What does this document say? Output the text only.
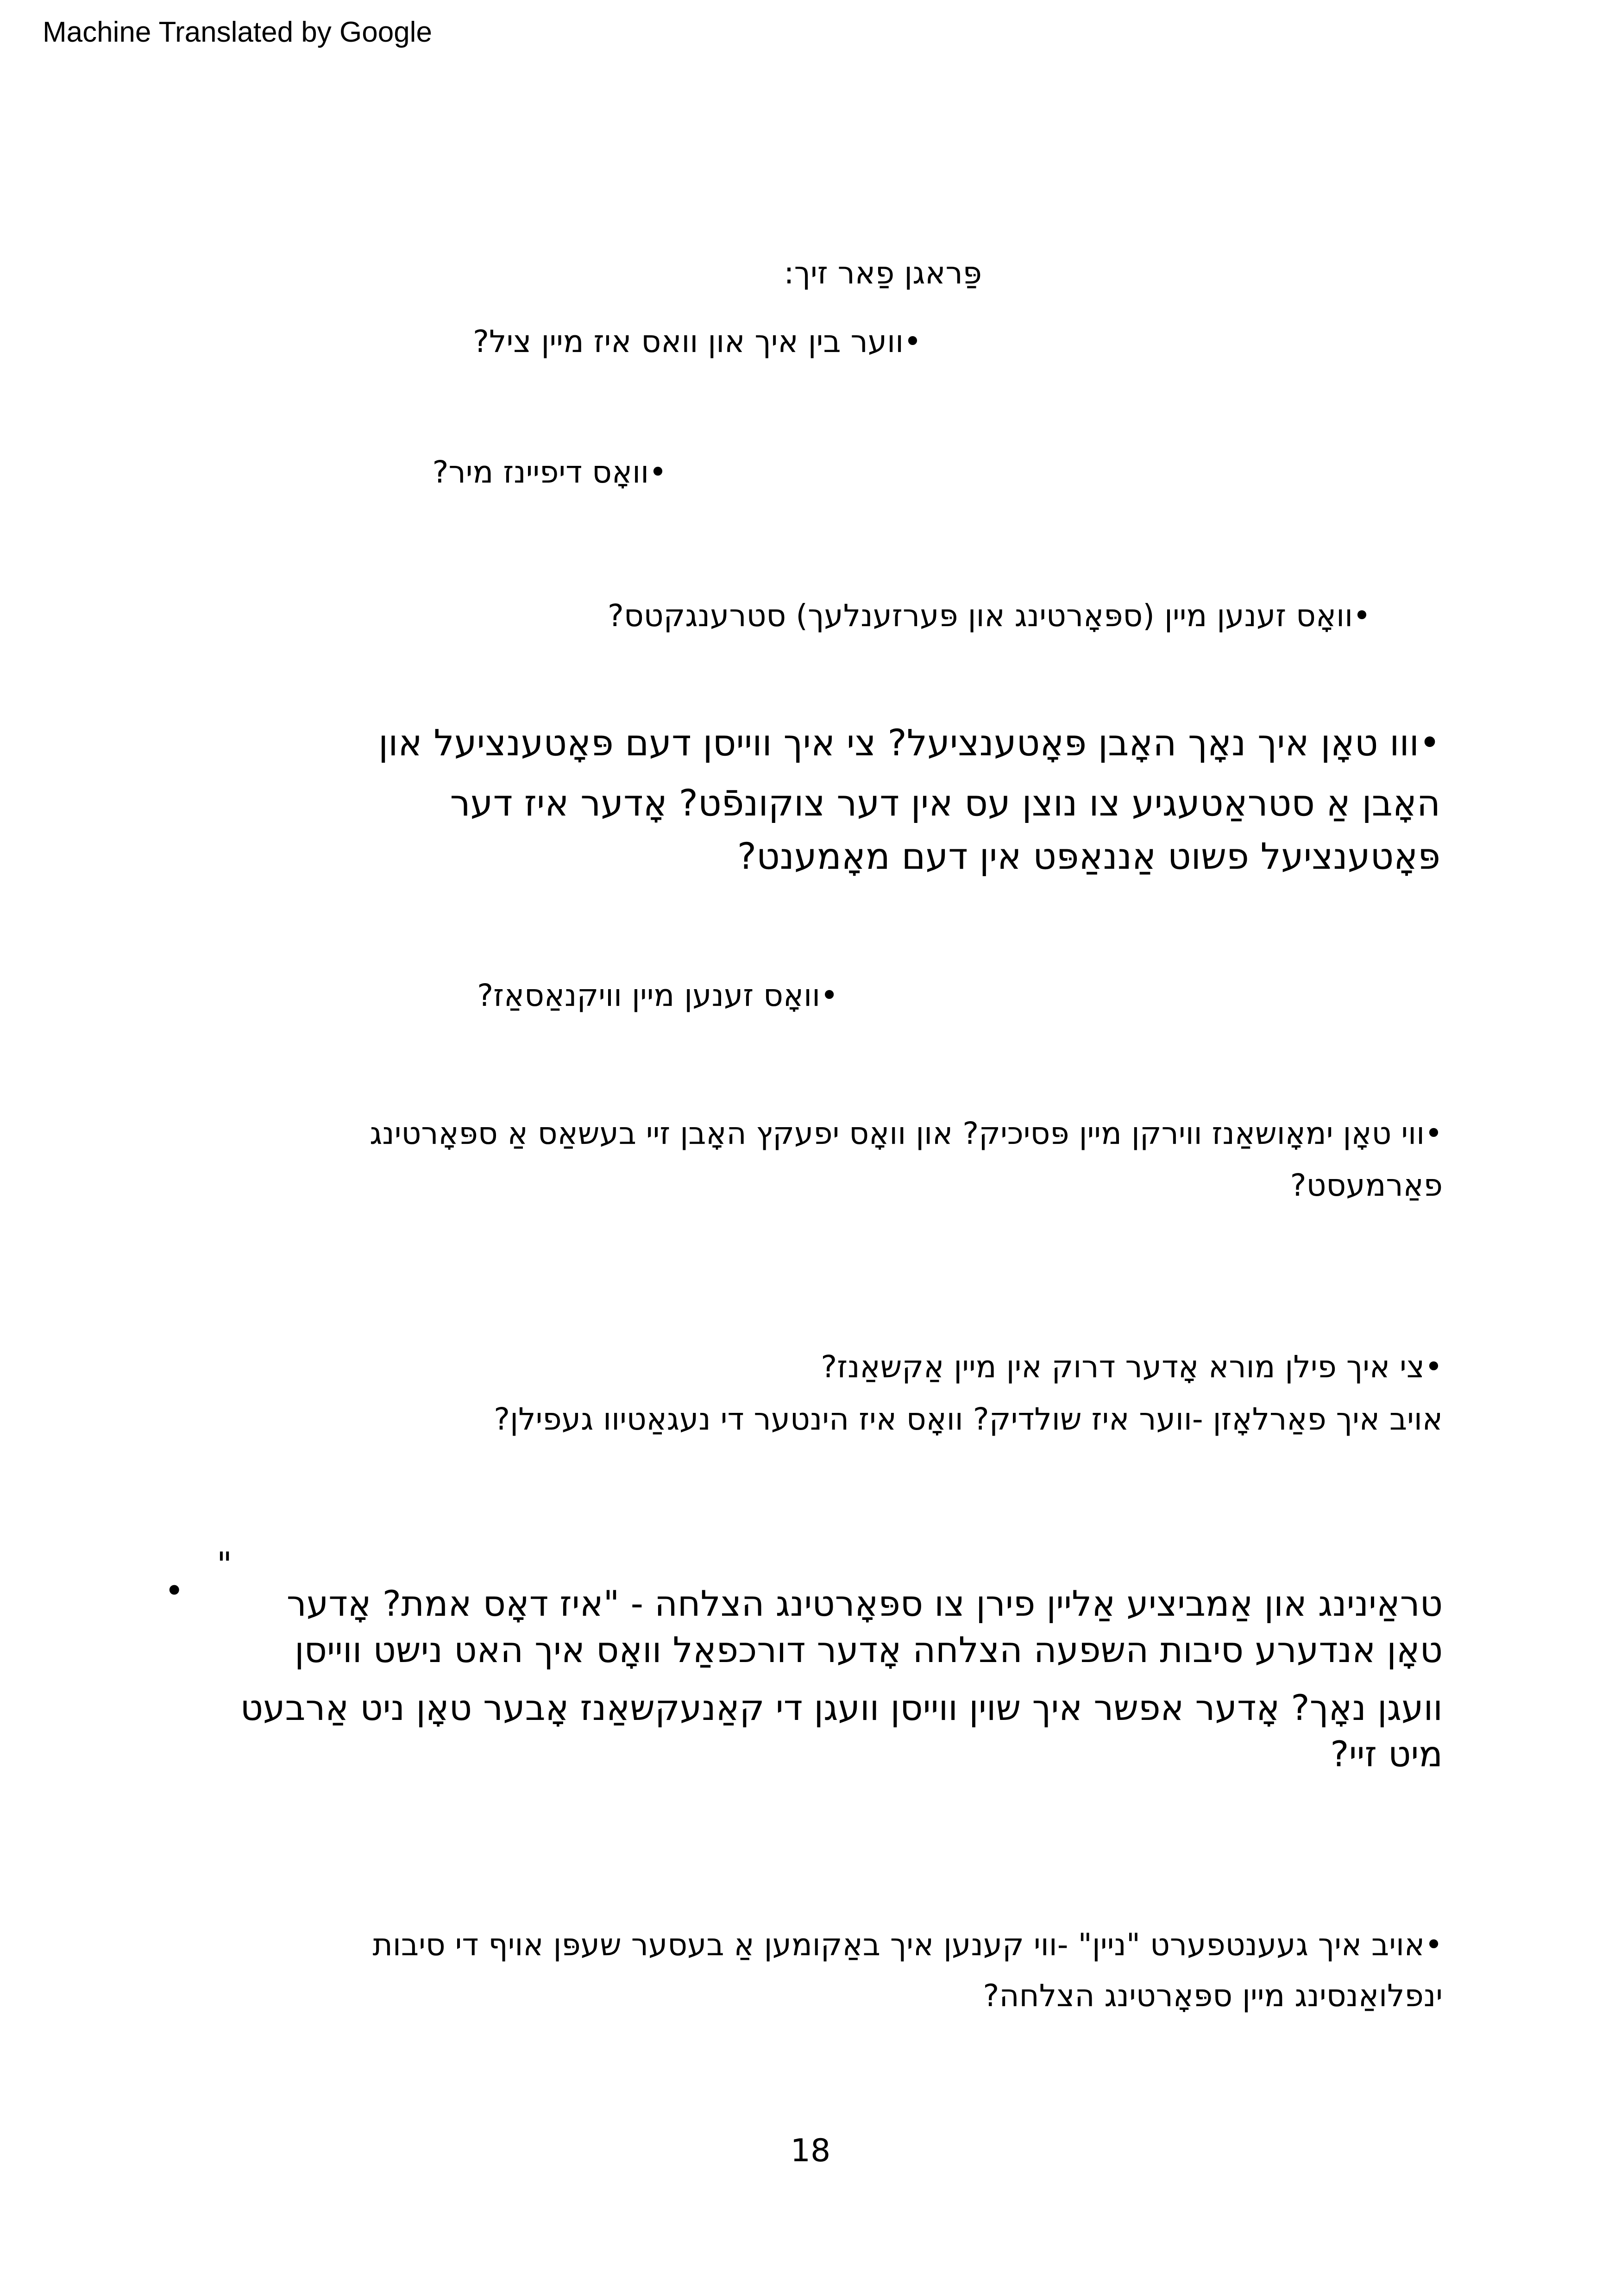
Machine Translated by Google
פַּראגן פַאר זיך:
•ווער בין איך און וואס איז מיין ציל?
•וואָס דיפיינז מיר?
•וואָס זענען מיין (ספּאָרטינג און פּערזענלעך) סטרענגקטס?
•ווו טאָן איך נאָך האָבן פּאָטענציעל? צי איך ווייסן דעם פּאָטענציעל און
האָבן אַ סטראַטעגיע צו נוצן עס אין דער צוקונפֿט? אָדער איז דער
פּאָטענציעל פשוט אַננאַפּט אין דעם מאָמענט?
•וואָס זענען מיין וויקנאַסאַז?
•ווי טאָן ימאָושאַנז ווירקן מיין פּסיכיק? און וואָס יפעקץ האָבן זיי בעשאַס אַ ספּאָרטינג
פאַרמעסט?
•צי איך פילן מורא אָדער דרוק אין מיין אַקשאַנז?
אויב איך פאַרלאָזן -ווער איז שולדיק? וואָס איז הינטער די נעגאַטיוו געפילן?
"
•	טראַינינג און אַמביציע אַליין פירן צו ספּאָרטינג הצלחה - "איז דאָס אמת? אָדער
טאָן אנדערע סיבות השפעה הצלחה אָדער דורכפאַל וואָס איך האט נישט ווייסן
וועגן נאָך? אָדער אפשר איך שוין ווייסן וועגן די קאַנעקשאַנז אָבער טאָן ניט אַרבעט
מיט זיי?
•אויב איך געענטפערט "ניין" -ווי קענען איך באַקומען אַ בעסער שעפּן אויף די סיבות
ינפלואַנסינג מיין ספּאָרטינג הצלחה?
18
